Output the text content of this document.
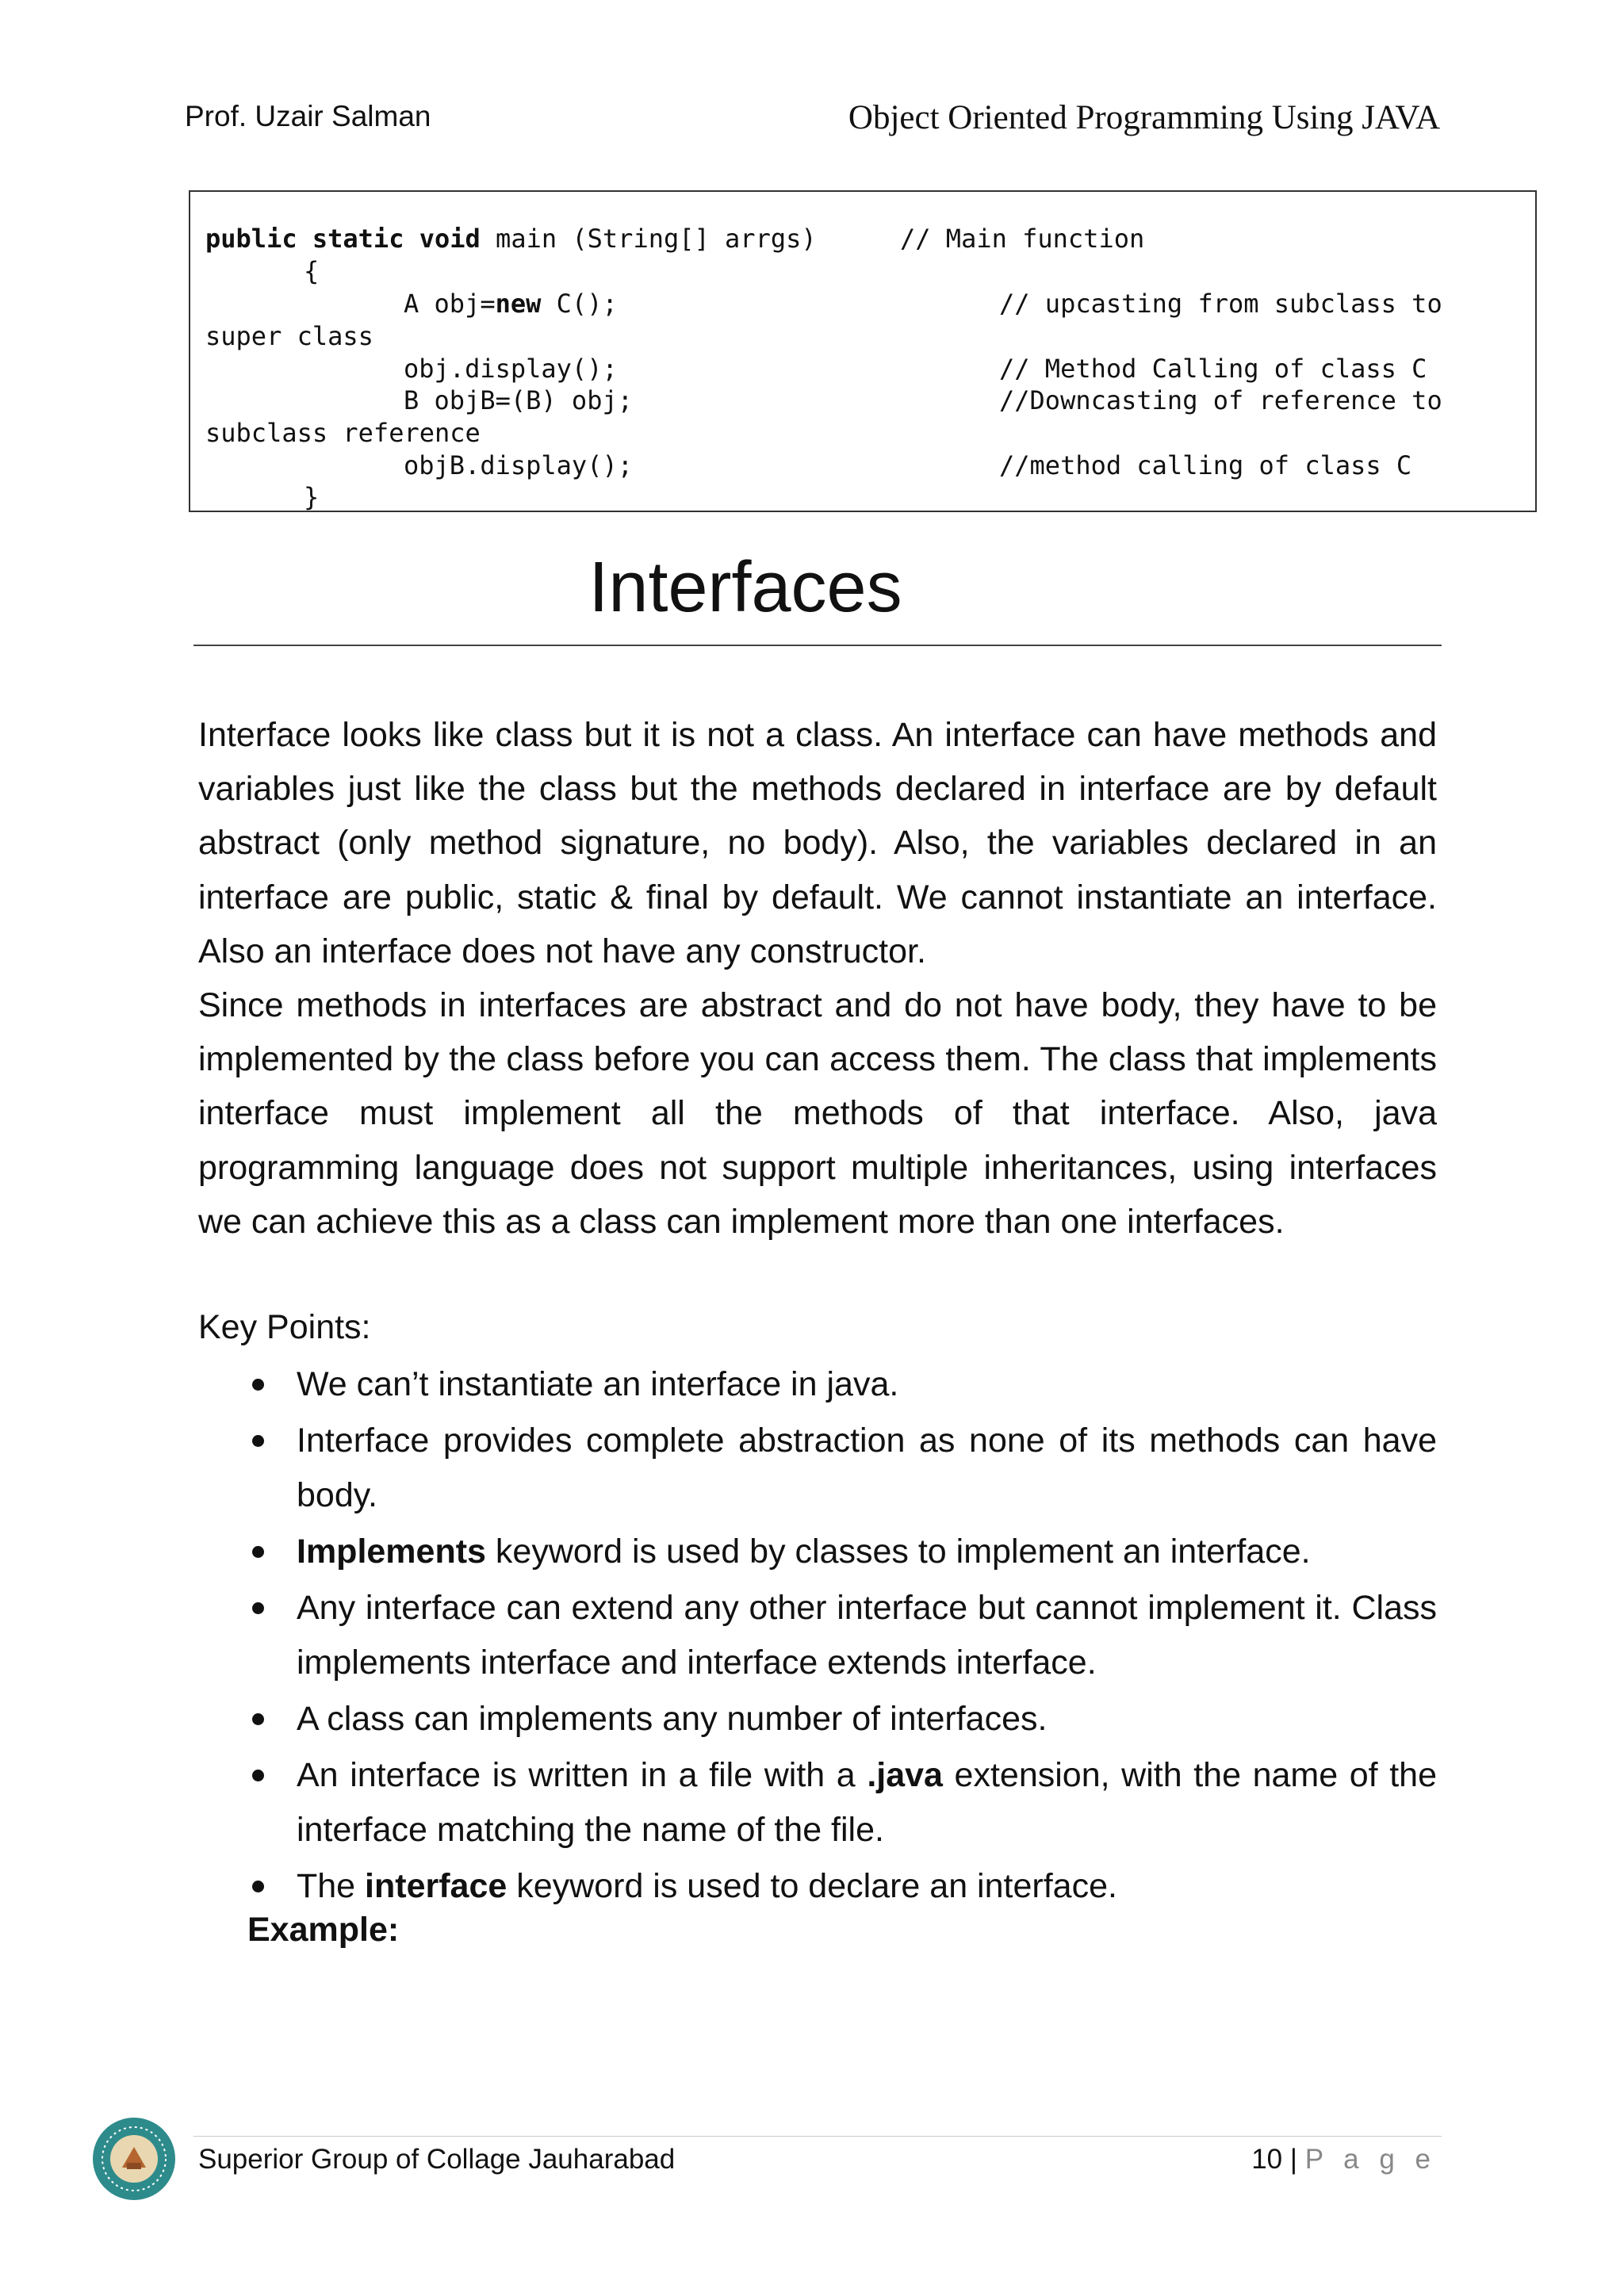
Prof. Uzair Salman	Object Oriented Programming Using JAVA
public static void main (String[] arrgs)	// Main function
{
A obj=new C();	// upcasting from subclass to
super class
obj.display();	// Method Calling of class C
B objB=(B) obj;	//Downcasting of reference to
subclass reference
objB.display();	//method calling of class C
}
Interfaces

Interface looks like class but it is not a class. An interface can have methods and variables just like the class but the methods declared in interface are by default abstract (only method signature, no body). Also, the variables declared in an interface are public, static & final by default. We cannot instantiate an interface. Also an interface does not have any constructor.

Since methods in interfaces are abstract and do not have body, they have to be implemented by the class before you can access them. The class that implements interface must implement all the methods of that interface. Also, java programming language does not support multiple inheritances, using interfaces we can achieve this as a class can implement more than one interfaces.

Key Points:
We can’t instantiate an interface in java.
Interface provides complete abstraction as none of its methods can have body.
Implements keyword is used by classes to implement an interface.
Any interface can extend any other interface but cannot implement it. Class implements interface and interface extends interface.
A class can implements any number of interfaces.
An interface is written in a file with a .java extension, with the name of the interface matching the name of the file.
The interface keyword is used to declare an interface.
Example:
Superior Group of Collage Jauharabad	10 | P a g e
